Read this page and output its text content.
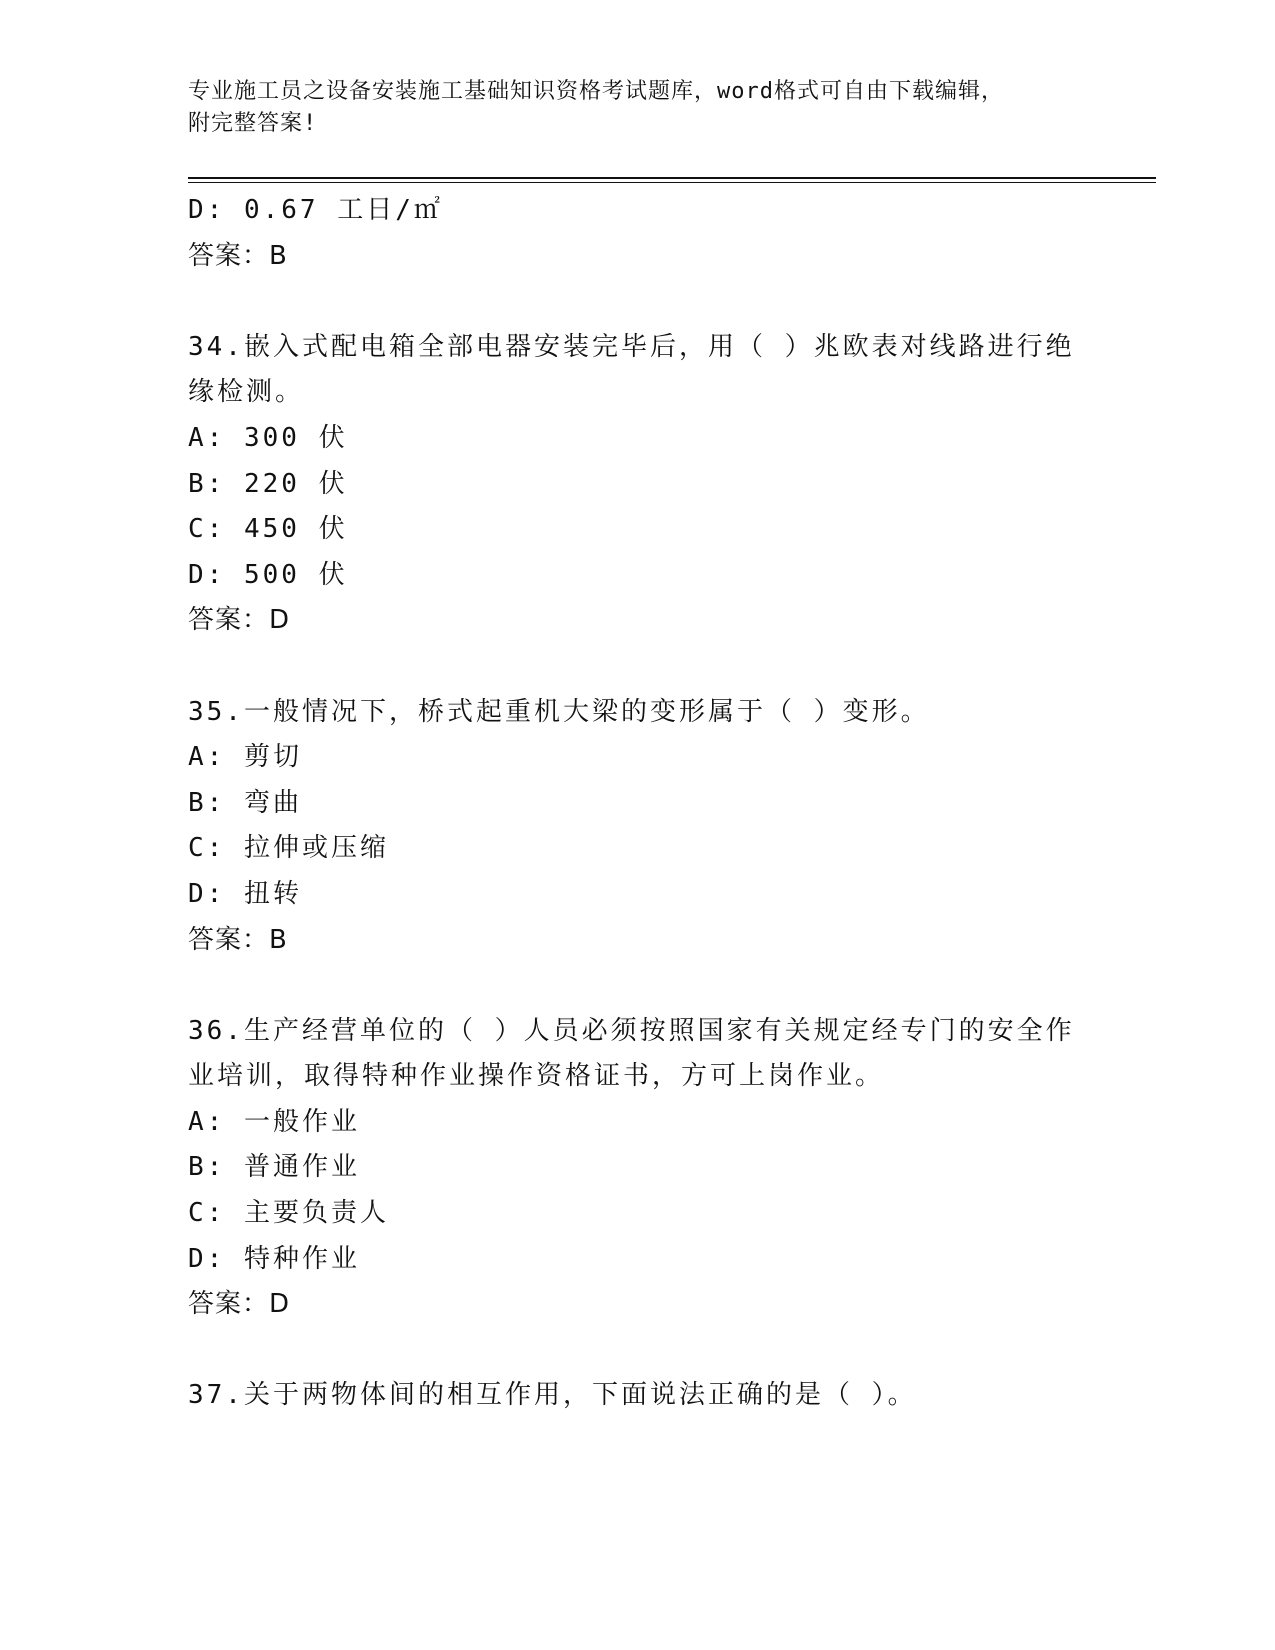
专业施工员之设备安装施工基础知识资格考试题库，word格式可自由下载编辑，
附完整答案!
D: 0.67 工日/㎡
答案：B
34.嵌入式配电箱全部电器安装完毕后，用（ ）兆欧表对线路进行绝
缘检测。
A: 300 伏
B: 220 伏
C: 450 伏
D: 500 伏
答案：D
35.一般情况下，桥式起重机大梁的变形属于（ ）变形。
A: 剪切
B: 弯曲
C: 拉伸或压缩
D: 扭转
答案：B
36.生产经营单位的（ ）人员必须按照国家有关规定经专门的安全作
业培训，取得特种作业操作资格证书，方可上岗作业。
A: 一般作业
B: 普通作业
C: 主要负责人
D: 特种作业
答案：D
37.关于两物体间的相互作用，下面说法正确的是（ ）。
